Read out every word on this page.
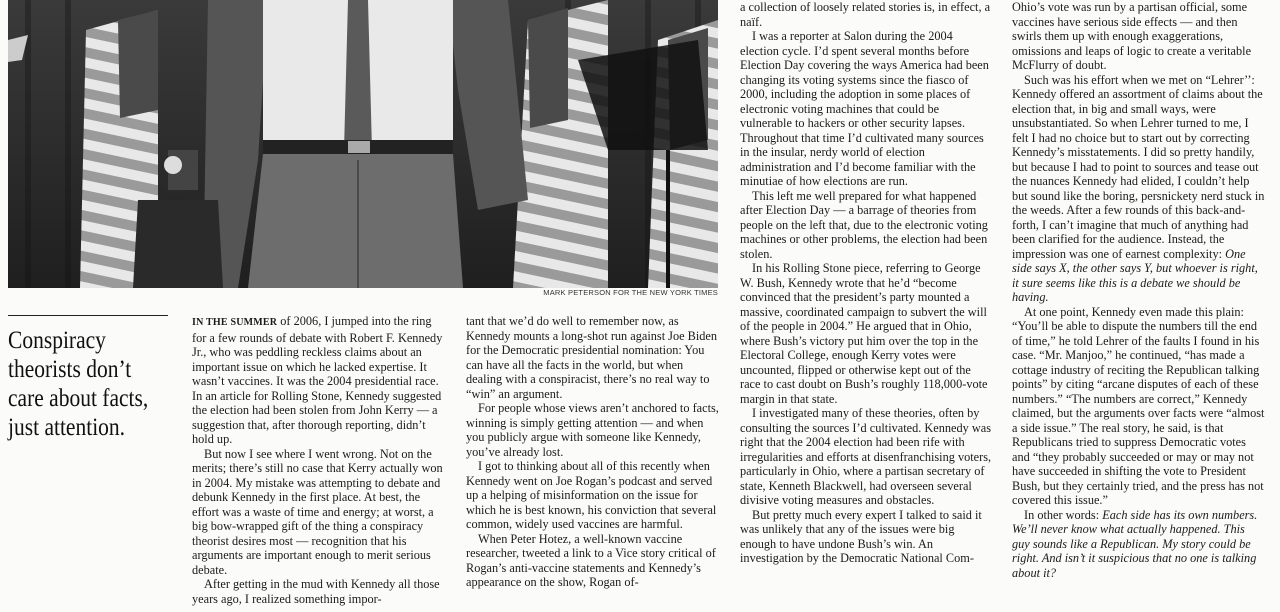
MARK PETERSON FOR THE NEW YORK TIMES
Conspiracy theorists don’t care about facts, just attention.

IN THE SUMMER of 2006, I jumped into the ring for a few rounds of debate with Robert F. Kennedy Jr., who was peddling reckless claims about an important issue on which he lacked expertise. It wasn’t vaccines. It was the 2004 presidential race. In an article for Rolling Stone, Kennedy suggested the election had been stolen from John Kerry — a suggestion that, after thorough reporting, didn’t hold up.

But now I see where I went wrong. Not on the merits; there’s still no case that Kerry actually won in 2004. My mistake was attempting to debate and debunk Kennedy in the first place. At best, the effort was a waste of time and energy; at worst, a big bow-wrapped gift of the thing a conspiracy theorist desires most — recognition that his arguments are important enough to merit serious debate.

After getting in the mud with Kennedy all those years ago, I realized something impor-

tant that we’d do well to remember now, as Kennedy mounts a long-shot run against Joe Biden for the Democratic presidential nomination: You can have all the facts in the world, but when dealing with a conspiracist, there’s no real way to “win” an argument.

For people whose views aren’t anchored to facts, winning is simply getting attention — and when you publicly argue with someone like Kennedy, you’ve already lost.

I got to thinking about all of this recently when Kennedy went on Joe Rogan’s podcast and served up a helping of misinformation on the issue for which he is best known, his conviction that several common, widely used vaccines are harmful.

When Peter Hotez, a well-known vaccine researcher, tweeted a link to a Vice story critical of Rogan’s anti-vaccine statements and Kennedy’s appearance on the show, Rogan of-

a collection of loosely related stories is, in effect, a naïf.

I was a reporter at Salon during the 2004 election cycle. I’d spent several months before Election Day covering the ways America had been changing its voting systems since the fiasco of 2000, including the adoption in some places of electronic voting machines that could be vulnerable to hackers or other security lapses. Throughout that time I’d cultivated many sources in the insular, nerdy world of election administration and I’d become familiar with the minutiae of how elections are run.

This left me well prepared for what happened after Election Day — a barrage of theories from people on the left that, due to the electronic voting machines or other problems, the election had been stolen.

In his Rolling Stone piece, referring to George W. Bush, Kennedy wrote that he’d “become convinced that the president’s party mounted a massive, coordinated campaign to subvert the will of the people in 2004.” He argued that in Ohio, where Bush’s victory put him over the top in the Electoral College, enough Kerry votes were uncounted, flipped or otherwise kept out of the race to cast doubt on Bush’s roughly 118,000-vote margin in that state.

I investigated many of these theories, often by consulting the sources I’d cultivated. Kennedy was right that the 2004 election had been rife with irregularities and efforts at disenfranchising voters, particularly in Ohio, where a partisan secretary of state, Kenneth Blackwell, had overseen several divisive voting measures and obstacles.

But pretty much every expert I talked to said it was unlikely that any of the issues were big enough to have undone Bush’s win. An investigation by the Democratic National Com-

Ohio’s vote was run by a partisan official, some vaccines have serious side effects — and then swirls them up with enough exaggerations, omissions and leaps of logic to create a veritable McFlurry of doubt.

Such was his effort when we met on “Lehrer’’: Kennedy offered an assortment of claims about the election that, in big and small ways, were unsubstantiated. So when Lehrer turned to me, I felt I had no choice but to start out by correcting Kennedy’s misstatements. I did so pretty handily, but because I had to point to sources and tease out the nuances Kennedy had elided, I couldn’t help but sound like the boring, persnickety nerd stuck in the weeds. After a few rounds of this back-and-forth, I can’t imagine that much of anything had been clarified for the audience. Instead, the impression was one of earnest complexity: One side says X, the other says Y, but whoever is right, it sure seems like this is a debate we should be having.

At one point, Kennedy even made this plain: “You’ll be able to dispute the numbers till the end of time,” he told Lehrer of the faults I found in his case. “Mr. Manjoo,” he continued, “has made a cottage industry of reciting the Republican talking points” by citing “arcane disputes of each of these numbers.” “The numbers are correct,” Kennedy claimed, but the arguments over facts were “almost a side issue.” The real story, he said, is that Republicans tried to suppress Democratic votes and “they probably succeeded or may or may not have succeeded in shifting the vote to President Bush, but they certainly tried, and the press has not covered this issue.”

In other words: Each side has its own numbers. We’ll never know what actually happened. This guy sounds like a Republican. My story could be right. And isn’t it suspicious that no one is talking about it?
